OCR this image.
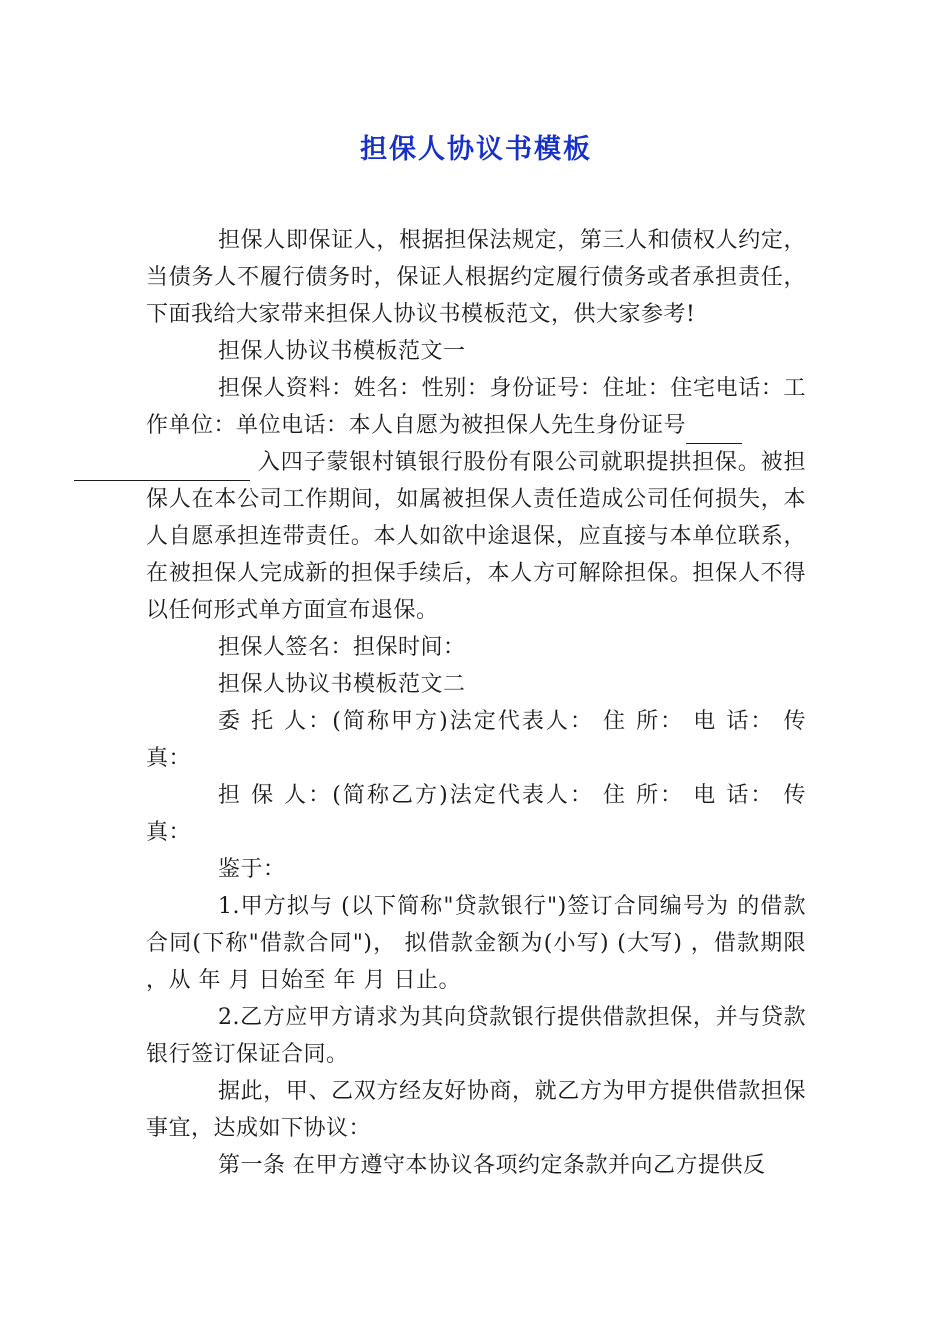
担保人协议书模板

担保人即保证人，根据担保法规定，第三人和债权人约定，当债务人不履行债务时，保证人根据约定履行债务或者承担责任，下面我给大家带来担保人协议书模板范文，供大家参考!

担保人协议书模板范文一

担保人资料：姓名：性别：身份证号：住址：住宅电话：工作单位：单位电话：本人自愿为被担保人先生身份证号
入四子蒙银村镇银行股份有限公司就职提拱担保。被担保人在本公司工作期间，如属被担保人责任造成公司任何损失，本人自愿承担连带责任。本人如欲中途退保，应直接与本单位联系，在被担保人完成新的担保手续后，本人方可解除担保。担保人不得以任何形式单方面宣布退保。

担保人签名：担保时间：

担保人协议书模板范文二

委 托 人：(简称甲方)法定代表人： 住 所： 电 话： 传 真：

担 保 人：(简称乙方)法定代表人： 住 所： 电 话： 传 真：

鉴于：

1.甲方拟与 (以下简称"贷款银行")签订合同编号为 的借款合同(下称"借款合同")， 拟借款金额为(小写) (大写) ，借款期限 ，从 年 月 日始至 年 月 日止。

2.乙方应甲方请求为其向贷款银行提供借款担保，并与贷款银行签订保证合同。

据此，甲、乙双方经友好协商，就乙方为甲方提供借款担保事宜，达成如下协议：

第一条 在甲方遵守本协议各项约定条款并向乙方提供反
